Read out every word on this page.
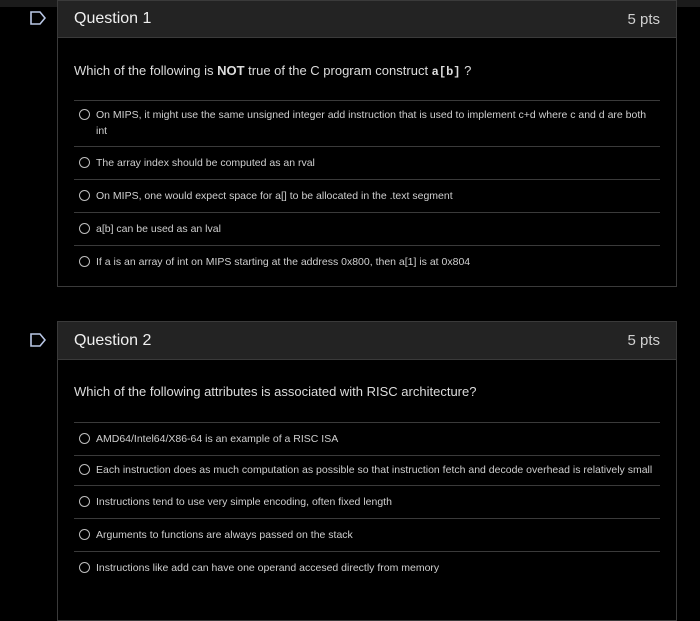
Question 1	5 pts
Which of the following is NOT true of the C program construct a[b] ?
On MIPS, it might use the same unsigned integer add instruction that is used to implement c+d where c and d are both int
The array index should be computed as an rval
On MIPS, one would expect space for a[] to be allocated in the .text segment
a[b] can be used as an lval
If a is an array of int on MIPS starting at the address 0x800, then a[1] is at 0x804
Question 2	5 pts
Which of the following attributes is associated with RISC architecture?
AMD64/Intel64/X86-64 is an example of a RISC ISA
Each instruction does as much computation as possible so that instruction fetch and decode overhead is relatively small
Instructions tend to use very simple encoding, often fixed length
Arguments to functions are always passed on the stack
Instructions like add can have one operand accesed directly from memory
